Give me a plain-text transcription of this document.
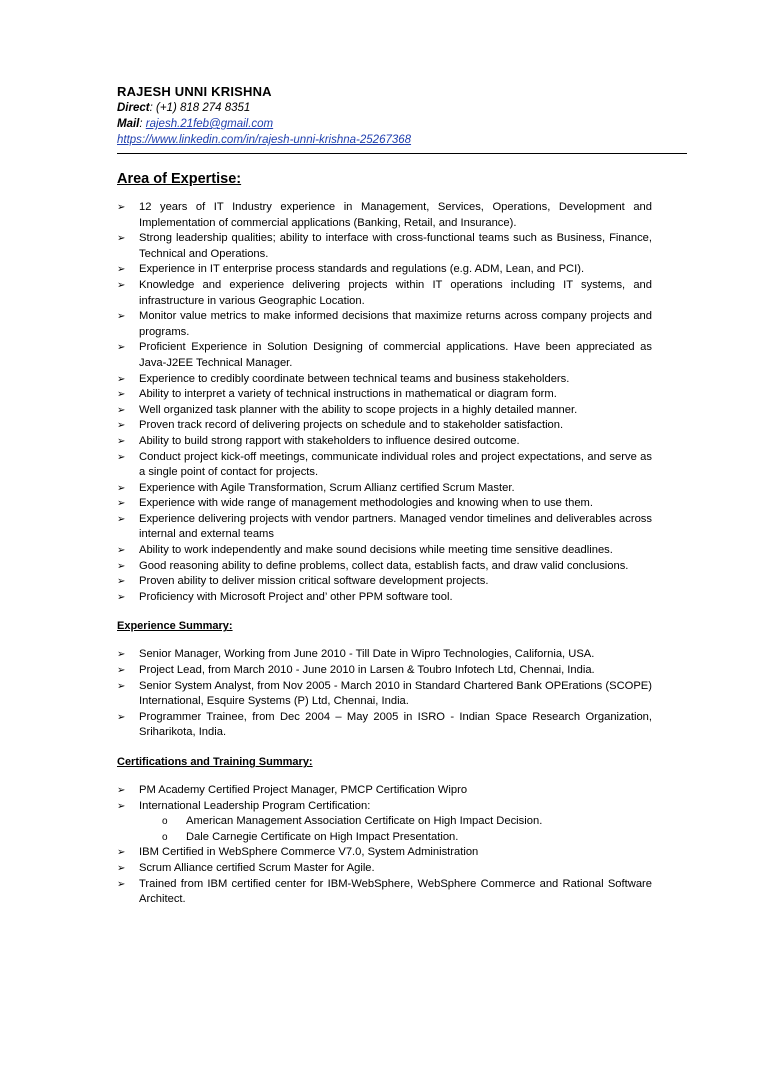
RAJESH UNNI KRISHNA

Direct: (+1) 818 274 8351

Mail: rajesh.21feb@gmail.com

https://www.linkedin.com/in/rajesh-unni-krishna-25267368

Area of Expertise:

➢ 12 years of IT Industry experience in Management, Services, Operations, Development and Implementation of commercial applications (Banking, Retail, and Insurance).
➢ Strong leadership qualities; ability to interface with cross-functional teams such as Business, Finance, Technical and Operations.
➢ Experience in IT enterprise process standards and regulations (e.g. ADM, Lean, and PCI).
➢ Knowledge and experience delivering projects within IT operations including IT systems, and infrastructure in various Geographic Location.
➢ Monitor value metrics to make informed decisions that maximize returns across company projects and programs.
➢ Proficient Experience in Solution Designing of commercial applications. Have been appreciated as Java-J2EE Technical Manager.
➢ Experience to credibly coordinate between technical teams and business stakeholders.
➢ Ability to interpret a variety of technical instructions in mathematical or diagram form.
➢ Well organized task planner with the ability to scope projects in a highly detailed manner.
➢ Proven track record of delivering projects on schedule and to stakeholder satisfaction.
➢ Ability to build strong rapport with stakeholders to influence desired outcome.
➢ Conduct project kick-off meetings, communicate individual roles and project expectations, and serve as a single point of contact for projects.
➢ Experience with Agile Transformation, Scrum Allianz certified Scrum Master.
➢ Experience with wide range of management methodologies and knowing when to use them.
➢ Experience delivering projects with vendor partners. Managed vendor timelines and deliverables across internal and external teams
➢ Ability to work independently and make sound decisions while meeting time sensitive deadlines.
➢ Good reasoning ability to define problems, collect data, establish facts, and draw valid conclusions.
➢ Proven ability to deliver mission critical software development projects.
➢ Proficiency with Microsoft Project and’ other PPM software tool.

Experience Summary:

➢ Senior Manager, Working from June 2010 - Till Date in Wipro Technologies, California, USA.
➢ Project Lead, from March 2010 - June 2010 in Larsen & Toubro Infotech Ltd, Chennai, India.
➢ Senior System Analyst, from Nov 2005 - March 2010 in Standard Chartered Bank OPErations (SCOPE) International, Esquire Systems (P) Ltd, Chennai, India.
➢ Programmer Trainee, from Dec 2004 – May 2005 in ISRO - Indian Space Research Organization, Sriharikota, India.

Certifications and Training Summary:

➢ PM Academy Certified Project Manager, PMCP Certification Wipro
➢ International Leadership Program Certification:
o American Management Association Certificate on High Impact Decision.
o Dale Carnegie Certificate on High Impact Presentation.
➢ IBM Certified in WebSphere Commerce V7.0, System Administration
➢ Scrum Alliance certified Scrum Master for Agile.
➢ Trained from IBM certified center for IBM-WebSphere, WebSphere Commerce and Rational Software Architect.
